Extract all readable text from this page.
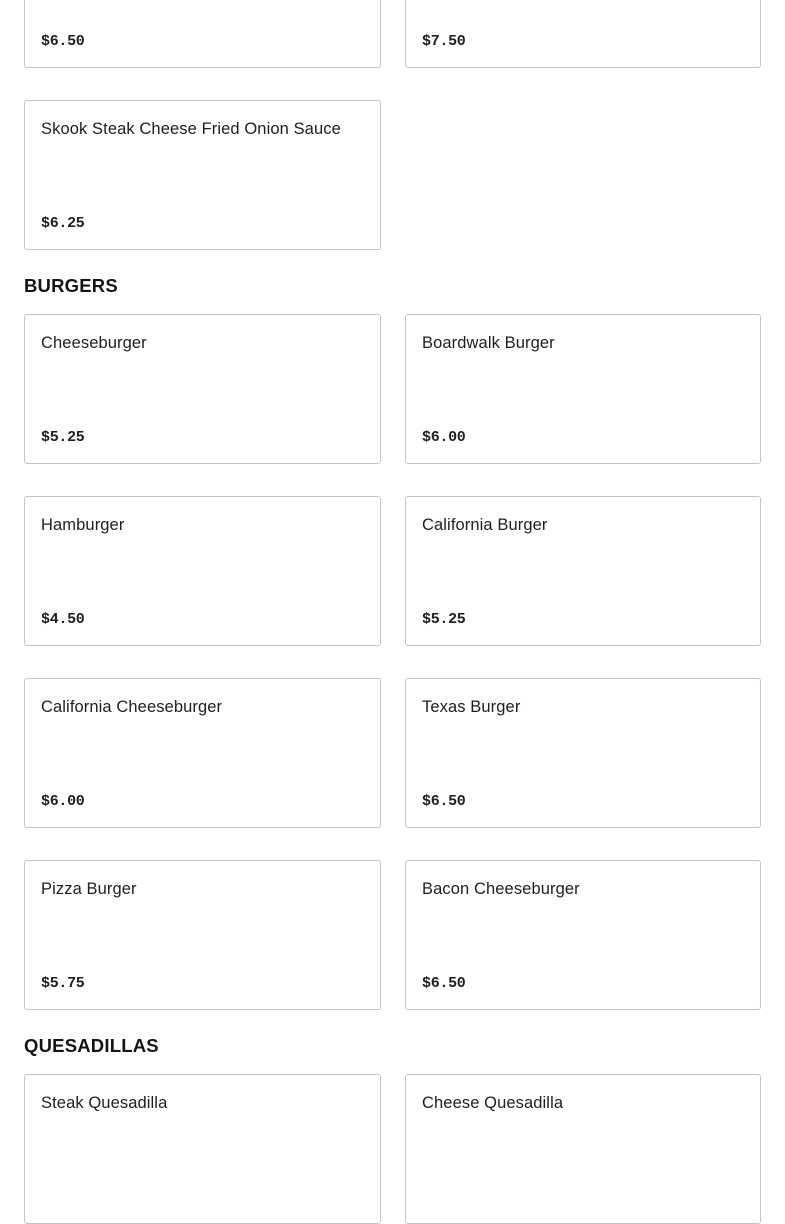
$6.50	$7.50
Skook Steak Cheese Fried Onion Sauce
$6.25
BURGERS
Cheeseburger
$5.25
Boardwalk Burger
$6.00
Hamburger
$4.50
California Burger
$5.25
California Cheeseburger
$6.00
Texas Burger
$6.50
Pizza Burger
$5.75
Bacon Cheeseburger
$6.50
QUESADILLAS
Steak Quesadilla	Cheese Quesadilla
